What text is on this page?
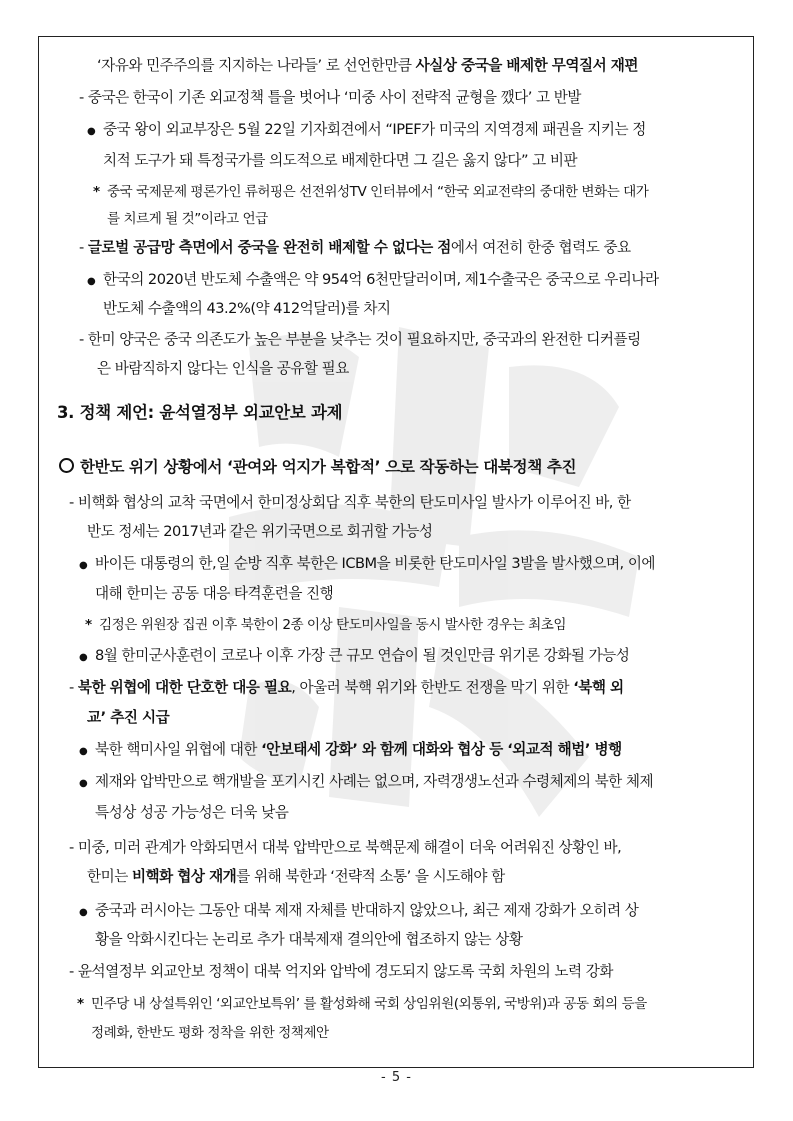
‘자유와 민주주의를 지지하는 나라들’ 로 선언한만큼 사실상 중국을 배제한 무역질서 재편
- 중국은 한국이 기존 외교정책 틀을 벗어나 ‘미중 사이 전략적 균형을 깼다’ 고 반발
● 중국 왕이 외교부장은 5월 22일 기자회견에서 “IPEF가 미국의 지역경제 패권을 지키는 정
치적 도구가 돼 특정국가를 의도적으로 배제한다면 그 길은 옳지 않다” 고 비판
* 중국 국제문제 평론가인 류허핑은 선전위성TV 인터뷰에서 “한국 외교전략의 중대한 변화는 대가
를 치르게 될 것”이라고 언급
- 글로벌 공급망 측면에서 중국을 완전히 배제할 수 없다는 점에서 여전히 한중 협력도 중요
● 한국의 2020년 반도체 수출액은 약 954억 6천만달러이며, 제1수출국은 중국으로 우리나라
반도체 수출액의 43.2%(약 412억달러)를 차지
- 한미 양국은 중국 의존도가 높은 부분을 낮추는 것이 필요하지만, 중국과의 완전한 디커플링
은 바람직하지 않다는 인식을 공유할 필요
3. 정책 제언: 윤석열정부 외교안보 과제
한반도 위기 상황에서 ‘관여와 억지가 복합적’ 으로 작동하는 대북정책 추진
- 비핵화 협상의 교착 국면에서 한미정상회담 직후 북한의 탄도미사일 발사가 이루어진 바, 한
반도 정세는 2017년과 같은 위기국면으로 회귀할 가능성
● 바이든 대통령의 한,일 순방 직후 북한은 ICBM을 비롯한 탄도미사일 3발을 발사했으며, 이에
대해 한미는 공동 대응 타격훈련을 진행
* 김정은 위원장 집권 이후 북한이 2종 이상 탄도미사일을 동시 발사한 경우는 최초임
● 8월 한미군사훈련이 코로나 이후 가장 큰 규모 연습이 될 것인만큼 위기론 강화될 가능성
- 북한 위협에 대한 단호한 대응 필요, 아울러 북핵 위기와 한반도 전쟁을 막기 위한 ‘북핵 외
교’ 추진 시급
● 북한 핵미사일 위협에 대한 ‘안보태세 강화’ 와 함께 대화와 협상 등 ‘외교적 해법’ 병행
● 제재와 압박만으로 핵개발을 포기시킨 사례는 없으며, 자력갱생노선과 수령체제의 북한 체제
특성상 성공 가능성은 더욱 낮음
- 미중, 미러 관계가 악화되면서 대북 압박만으로 북핵문제 해결이 더욱 어려워진 상황인 바,
한미는 비핵화 협상 재개를 위해 북한과 ‘전략적 소통’ 을 시도해야 함
● 중국과 러시아는 그동안 대북 제재 자체를 반대하지 않았으나, 최근 제재 강화가 오히려 상
황을 악화시킨다는 논리로 추가 대북제재 결의안에 협조하지 않는 상황
- 윤석열정부 외교안보 정책이 대북 억지와 압박에 경도되지 않도록 국회 차원의 노력 강화
* 민주당 내 상설특위인 ‘외교안보특위’ 를 활성화해 국회 상임위원(외통위, 국방위)과 공동 회의 등을
정례화, 한반도 평화 정착을 위한 정책제안
- 5 -
